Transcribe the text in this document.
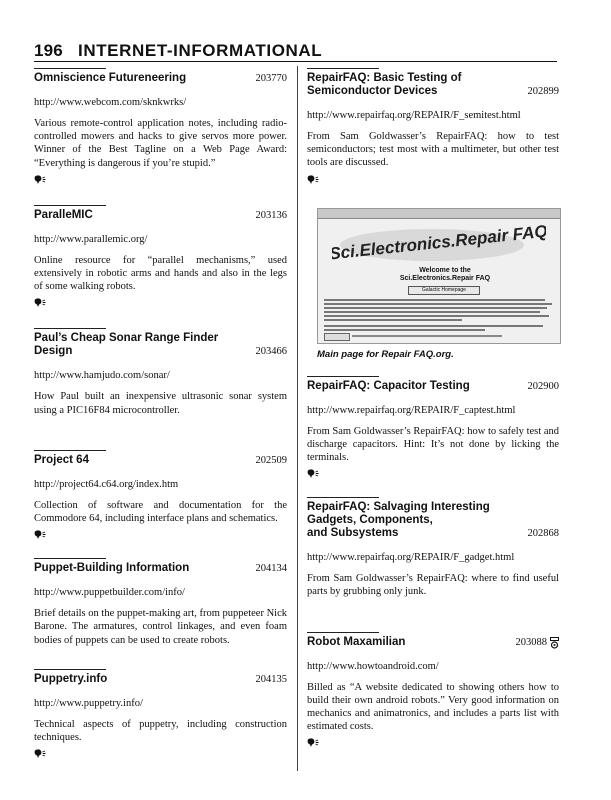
196 INTERNET-INFORMATIONAL
Omniscience Futureneering	203770
http://www.webcom.com/sknkwrks/
Various remote-control application notes, including radio-controlled mowers and hacks to give servos more power. Winner of the Best Tagline on a Web Page Award: “Everything is dangerous if you’re stupid.”
ParalleMIC	203136
http://www.parallemic.org/
Online resource for “parallel mechanisms,” used extensively in robotic arms and hands and also in the legs of some walking robots.
Paul’s Cheap Sonar Range Finder
Design	203466
http://www.hamjudo.com/sonar/
How Paul built an inexpensive ultrasonic sonar system using a PIC16F84 microcontroller.
Project 64	202509
http://project64.c64.org/index.htm
Collection of software and documentation for the Commodore 64, including interface plans and schematics.
Puppet-Building Information	204134
http://www.puppetbuilder.com/info/
Brief details on the puppet-making art, from puppeteer Nick Barone. The armatures, control linkages, and even foam bodies of puppets can be used to create robots.
Puppetry.info	204135
http://www.puppetry.info/
Technical aspects of puppetry, including construction techniques.
RepairFAQ: Basic Testing of
Semiconductor Devices	202899
http://www.repairfaq.org/REPAIR/F_semitest.html
From Sam Goldwasser’s RepairFAQ: how to test semiconductors; test most with a multimeter, but other test tools are discussed.
Sci.Electronics.Repair FAQ
Welcome to the
Sci.Electronics.Repair FAQ
Galactic Homepage
Main page for Repair FAQ.org.
RepairFAQ: Capacitor Testing	202900
http://www.repairfaq.org/REPAIR/F_captest.html
From Sam Goldwasser’s RepairFAQ: how to safely test and discharge capacitors. Hint: It’s not done by licking the terminals.
RepairFAQ: Salvaging Interesting
Gadgets, Components,
and Subsystems	202868
http://www.repairfaq.org/REPAIR/F_gadget.html
From Sam Goldwasser’s RepairFAQ: where to find useful parts by grubbing only junk.
Robot Maxamilian	203088
http://www.howtoandroid.com/
Billed as “A website dedicated to showing others how to build their own android robots.” Very good information on mechanics and animatronics, and includes a parts list with estimated costs.
